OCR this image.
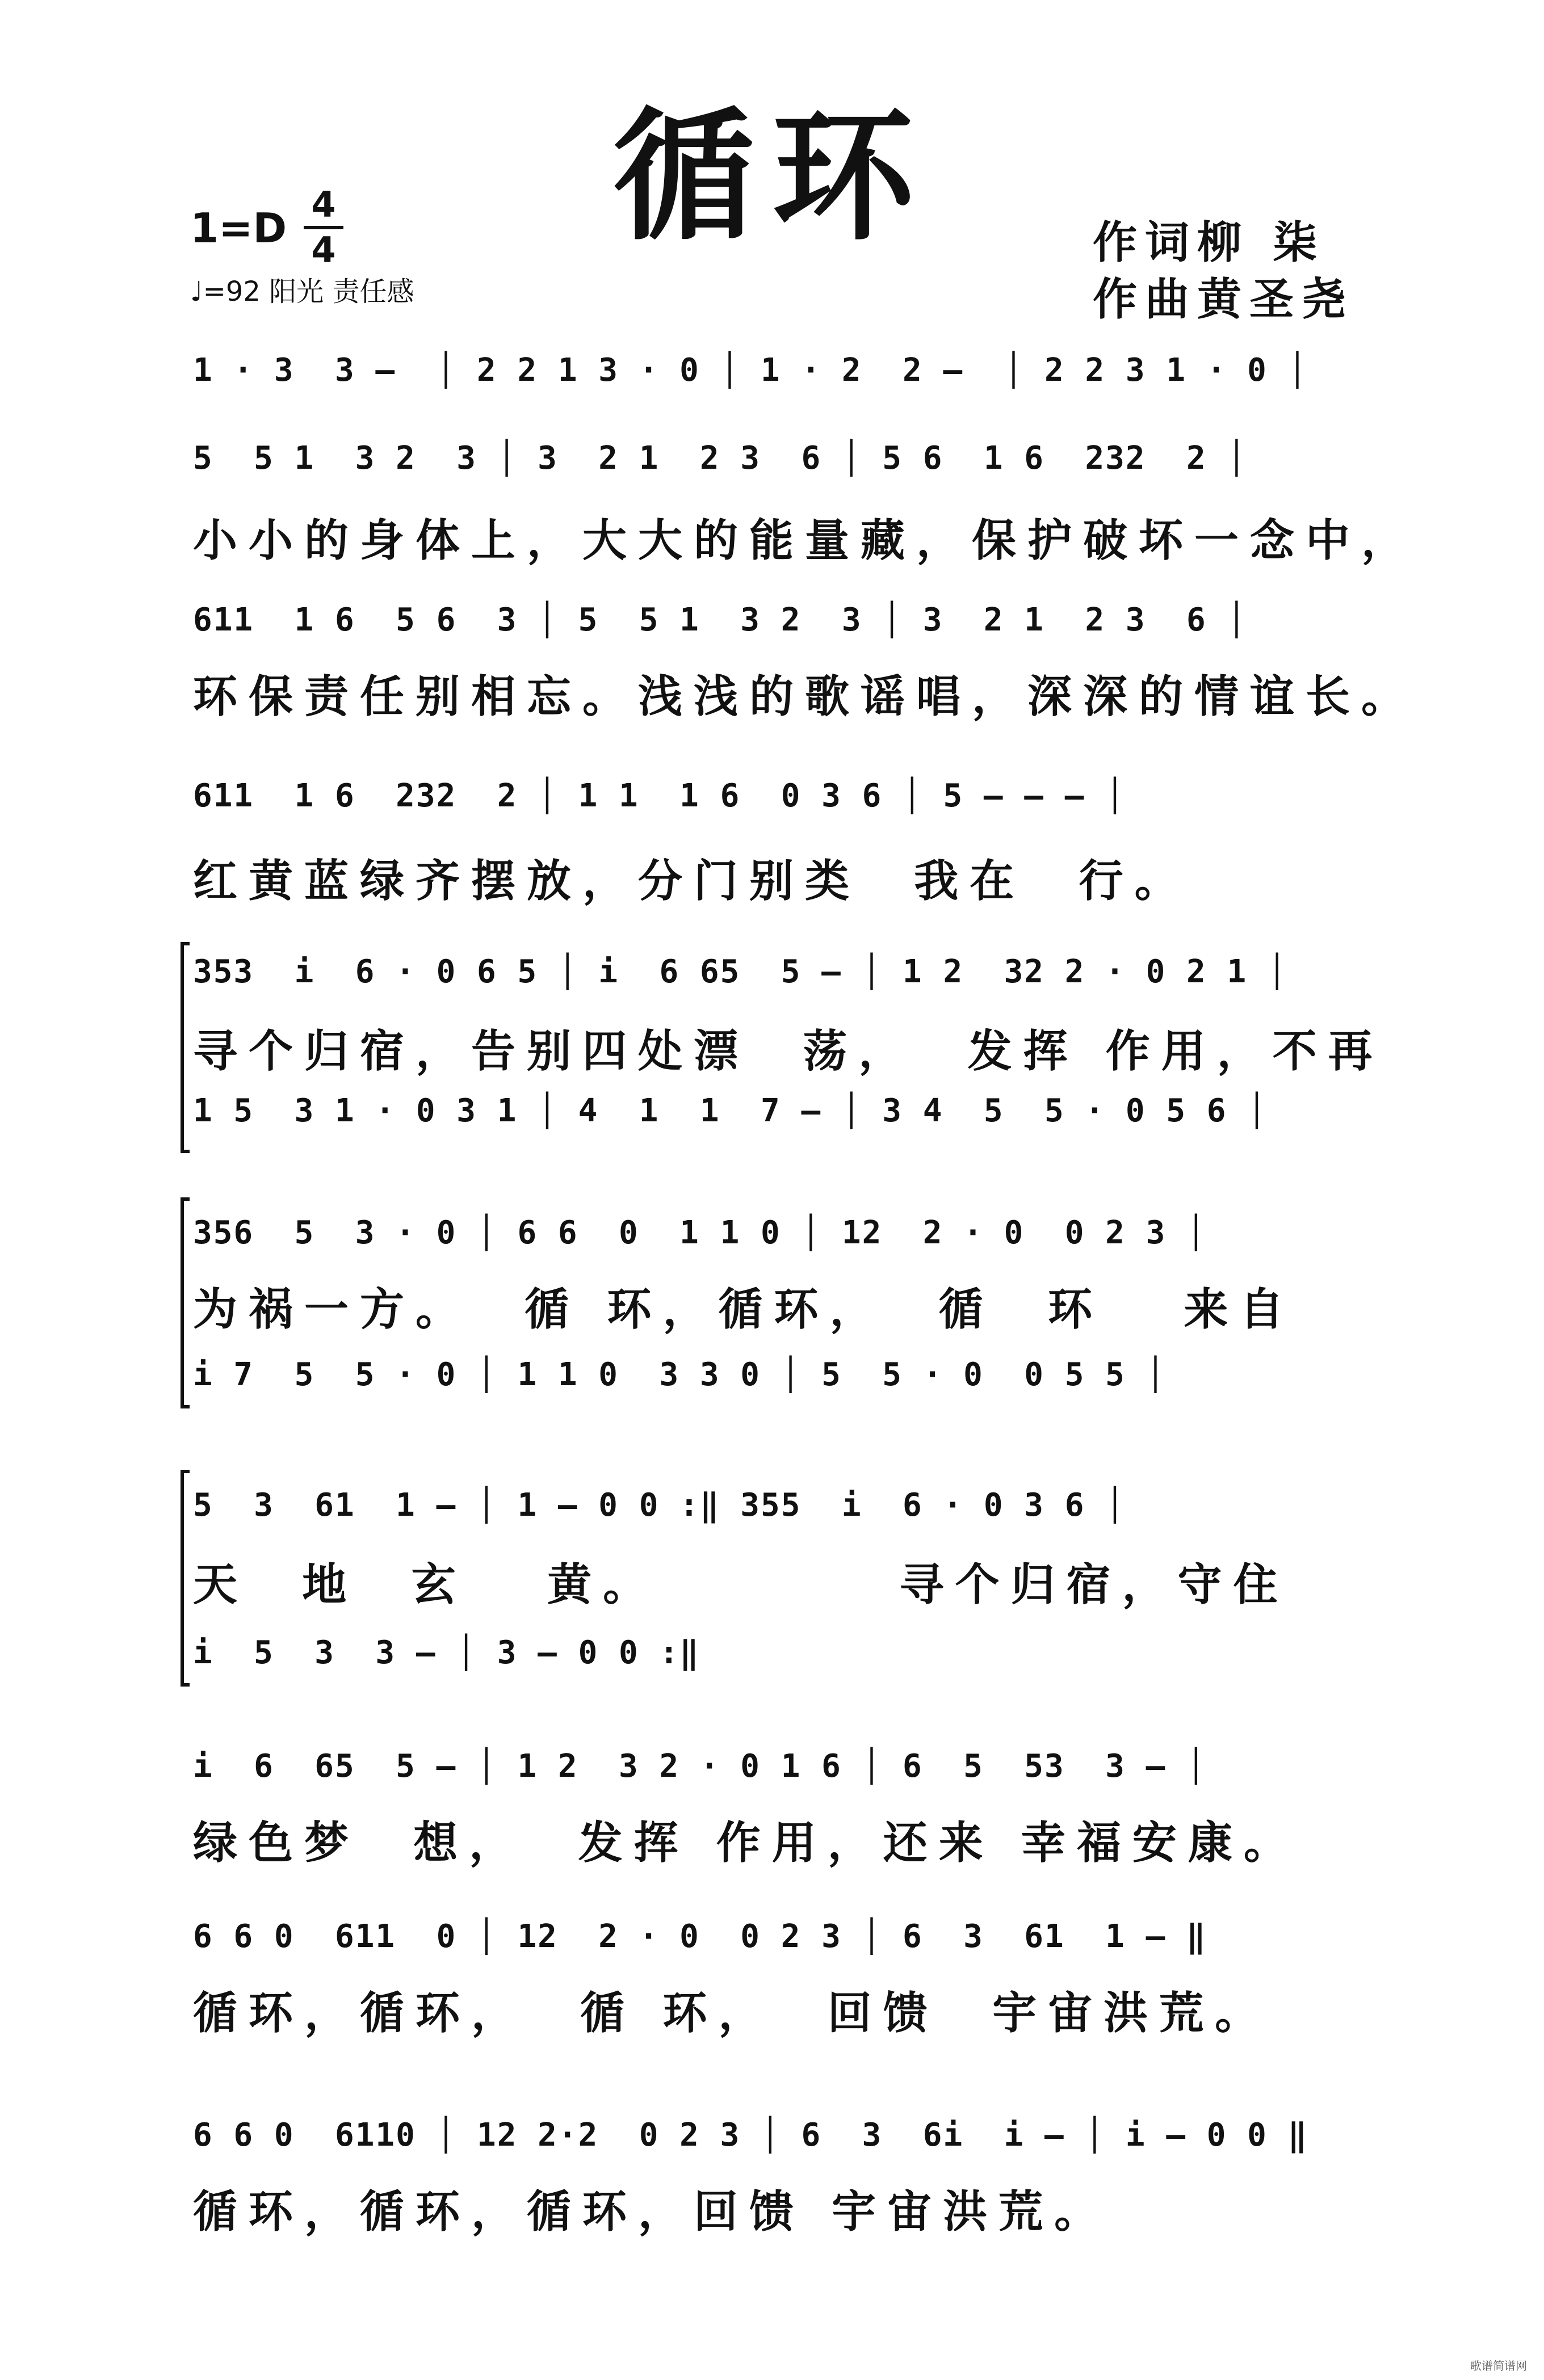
循环
1=D 4
4
♩=92 阳光 责任感
作词柳 柒
作曲黄圣尧
1 · 3  3 –  │ 2 2 1 3 · 0 │ 1 · 2  2 –  │ 2 2 3 1 · 0 │
5  5 1  3 2  3 │ 3  2 1  2 3  6 │ 5 6  1 6  232  2 │
小小的身体上，大大的能量藏，保护破坏一念中，
611  1 6  5 6  3 │ 5  5 1  3 2  3 │ 3  2 1  2 3  6 │
环保责任别相忘。浅浅的歌谣唱，深深的情谊长。
611  1 6  232  2 │ 1 1  1 6  0 3 6 │ 5 – – – │
红黄蓝绿齐摆放，分门别类  我在  行。
353  i  6 · 0 6 5 │ i  6 65  5 – │ 1 2  32 2 · 0 2 1 │
寻个归宿，告别四处漂  荡，  发挥 作用，不再
1 5  3 1 · 0 3 1 │ 4  1  1  7 – │ 3 4  5  5 · 0 5 6 │
356  5  3 · 0 │ 6 6  0  1 1 0 │ 12  2 · 0  0 2 3 │
为祸一方。  循 环，循环，  循  环   来自
i 7  5  5 · 0 │ 1 1 0  3 3 0 │ 5  5 · 0  0 5 5 │
5  3  61  1 – │ 1 – 0 0 :‖ 355  i  6 · 0 3 6 │
天  地  玄   黄。         寻个归宿，守住
i  5  3  3 – │ 3 – 0 0 :‖
i  6  65  5 – │ 1 2  3 2 · 0 1 6 │ 6  5  53  3 – │
绿色梦  想，  发挥 作用，还来 幸福安康。
6 6 0  611  0 │ 12  2 · 0  0 2 3 │ 6  3  61  1 – ‖
循环，循环，  循 环，  回馈  宇宙洪荒。
6 6 0  6110 │ 12 2·2  0 2 3 │ 6  3  6i  i – │ i – 0 0 ‖
循环，循环，循环，回馈 宇宙洪荒。
歌谱简谱网
